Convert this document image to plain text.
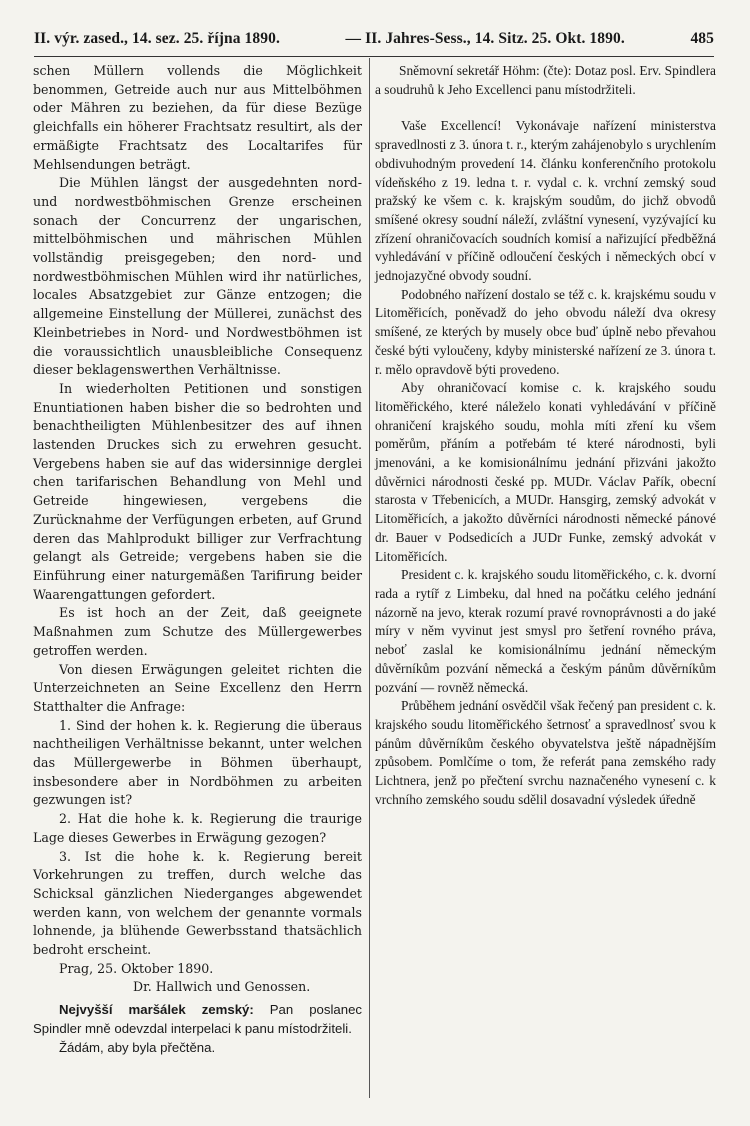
II. výr. zased., 14. sez. 25. října 1890.	— II. Jahres-Sess., 14. Sitz. 25. Okt. 1890.	485

schen Müllern vollends die Möglichkeit benommen, Getreide auch nur aus Mittelböhmen oder Mähren zu beziehen, da für diese Bezüge gleichfalls ein höherer Frachtsatz resultirt, als der ermäßigte Frachtsatz des Localtarifes für Mehlsendungen beträgt.

Die Mühlen längst der ausgedehnten nord- und nordwestböhmischen Grenze erscheinen sonach der Concurrenz der ungarischen, mittelböhmischen und mährischen Mühlen vollständig preisgegeben; den nord- und nordwestböhmischen Mühlen wird ihr natürliches, locales Absatzgebiet zur Gänze entzogen; die allgemeine Einstellung der Müllerei, zunächst des Kleinbetriebes in Nord- und Nordwestböhmen ist die voraussichtlich unausbleibliche Consequenz dieser beklagenswerthen Verhältnisse.

In wiederholten Petitionen und sonstigen Enuntiationen haben bisher die so bedrohten und benachtheiligten Mühlenbesitzer des auf ihnen lastenden Druckes sich zu erwehren gesucht. Vergebens haben sie auf das widersinnige derglei chen tarifarischen Behandlung von Mehl und Getreide hingewiesen, vergebens die Zurücknahme der Verfügungen erbeten, auf Grund deren das Mahlprodukt billiger zur Verfrachtung gelangt als Getreide; vergebens haben sie die Einführung einer naturgemäßen Tarifirung beider Waarengattungen gefordert.

Es ist hoch an der Zeit, daß geeignete Maßnahmen zum Schutze des Müllergewerbes getroffen werden.

Von diesen Erwägungen geleitet richten die Unterzeichneten an Seine Excellenz den Herrn Statthalter die Anfrage:

1. Sind der hohen k. k. Regierung die überaus nachtheiligen Verhältnisse bekannt, unter welchen das Müllergewerbe in Böhmen überhaupt, insbesondere aber in Nordböhmen zu arbeiten gezwungen ist?

2. Hat die hohe k. k. Regierung die traurige Lage dieses Gewerbes in Erwägung gezogen?

3. Ist die hohe k. k. Regierung bereit Vorkehrungen zu treffen, durch welche das Schicksal gänzlichen Niederganges abgewendet werden kann, von welchem der genannte vormals lohnende, ja blühende Gewerbsstand thatsächlich bedroht erscheint.

Prag, 25. Oktober 1890.

Dr. Hallwich und Genossen.

Nejvyšší maršálek zemský: Pan poslanec Spindler mně odevzdal interpelaci k panu místodržiteli.

Žádám, aby byla přečtěna.

Sněmovní sekretář Höhm: (čte): Dotaz posl. Erv. Spindlera a soudruhů k Jeho Excellenci panu místodržiteli.

Vaše Excellencí! Vykonávaje nařízení ministerstva spravedlnosti z 3. února t. r., kterým zahájenobylo s urychlením obdivuhodným provedení 14. článku konferenčního protokolu vídeňského z 19. ledna t. r. vydal c. k. vrchní zemský soud pražský ke všem c. k. krajským soudům, do jichž obvodů smíšené okresy soudní náleží, zvláštní vynesení, vyzývající ku zřízení ohraničovacích soudních komisí a nařizující předběžná vyhledávání v příčině odloučení českých i německých obcí v jednojazyčné obvody soudní.

Podobného nařízení dostalo se též c. k. krajskému soudu v Litoměřicích, poněvadž do jeho obvodu náleží dva okresy smíšené, ze kterých by musely obce buď úplně nebo převahou české býti vyloučeny, kdyby ministerské nařízení ze 3. února t. r. mělo opravdově býti provedeno.

Aby ohraničovací komise c. k. krajského soudu litoměřického, které náleželo konati vyhledávání v příčině ohraničení krajského soudu, mohla míti zření ku všem poměrům, přáním a potřebám té které národnosti, byli jmenováni, a ke komisionálnímu jednání přizváni jakožto důvěrnici národnosti české pp. MUDr. Václav Pařík, obecní starosta v Třebenicích, a MUDr. Hansgirg, zemský advokát v Litoměřicích, a jakožto důvěrníci národnosti německé pánové dr. Bauer v Podsedicích a JUDr Funke, zemský advokát v Litoměřicích.

President c. k. krajského soudu litoměřického, c. k. dvorní rada a rytíř z Limbeku, dal hned na počátku celého jednání názorně na jevo, kterak rozumí pravé rovnoprávnosti a do jaké míry v něm vyvinut jest smysl pro šetření rovného práva, neboť zaslal ke komisionálnímu jednání německým důvěrníkům pozvání německá a českým pánům důvěrníkům pozvání — rovněž německá.

Průběhem jednání osvědčil však řečený pan president c. k. krajského soudu litoměřického šetrnosť a spravedlnosť svou k pánům důvěrníkům českého obyvatelstva ještě nápadnějším způsobem. Pomlčíme o tom, že referát pana zemského rady Lichtnera, jenž po přečtení svrchu naznačeného vynesení c. k vrchního zemského soudu sdělil dosavadní výsledek úředně
